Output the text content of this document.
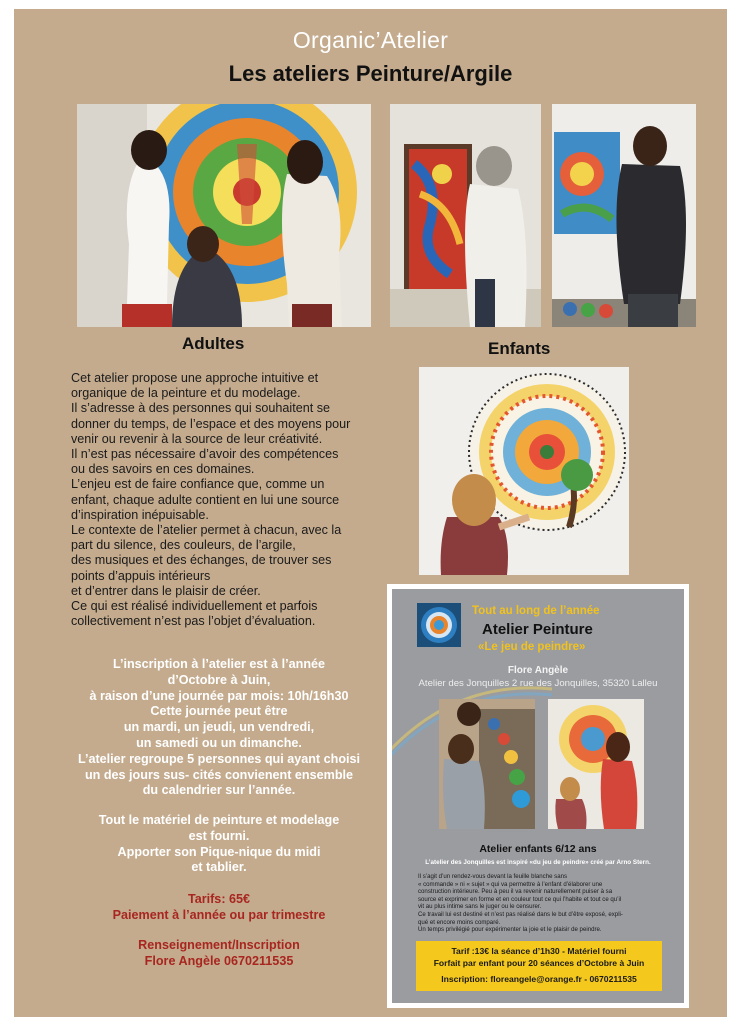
Organic’Atelier
Les ateliers Peinture/Argile
Adultes	Enfants

Cet atelier propose une approche intuitive et

organique de la peinture et du modelage.

Il s’adresse à des personnes qui souhaitent se

donner du temps, de l’espace et des moyens pour

venir ou revenir à la source de leur créativité.

Il n’est pas nécessaire d’avoir des compétences

ou des savoirs en ces domaines.

L’enjeu est de faire confiance que, comme un

enfant, chaque adulte contient en lui une source

d’inspiration inépuisable.

Le contexte de l’atelier permet à chacun, avec la

part du silence, des couleurs, de l’argile,

des musiques et des échanges, de trouver ses

points d’appuis intérieurs

et d’entrer dans le plaisir de créer.

Ce qui est réalisé individuellement et parfois

collectivement n’est pas l’objet d’évaluation.

L’inscription à l’atelier est à l’année
d’Octobre à Juin,
à raison d’une journée par mois: 10h/16h30
Cette journée peut être
un mardi, un jeudi, un vendredi,
un samedi ou un dimanche.
L’atelier regroupe 5 personnes qui ayant choisi
un des jours sus- cités convienent ensemble
du calendrier sur l’année.
Tout le matériel de peinture et modelage
est fourni.
Apporter son Pique-nique du midi
et tablier.
Tarifs: 65€
Paiement à l’année ou par trimestre
Renseignement/Inscription
Flore Angèle 0670211535
Tout au long de l’année
Atelier Peinture
«Le jeu de peindre»
Flore Angèle
Atelier des Jonquilles 2 rue des Jonquilles, 35320 Lalleu
Atelier enfants 6/12 ans
L’atelier des Jonquilles est inspiré «du jeu de peindre» créé par Arno Stern.

Il s’agit d’un rendez-vous devant la feuille blanche sans

« commande » ni « sujet » qui va permettre à l’enfant d’élaborer une

construction intérieure. Peu à peu il va revenir naturellement puiser à sa

source et exprimer en forme et en couleur tout ce qui l’habite et tout ce qu’il

vit au plus intime sans le juger ou le censurer.

Ce travail lui est destiné et n’est pas réalisé dans le but d’être exposé, expli-

qué et encore moins comparé.

Un temps privilégié pour expérimenter la joie et le plaisir de peindre.

Tarif :13€ la séance d’1h30 - Matériel fourni
Forfait par enfant pour 20 séances d’Octobre à Juin
Inscription: floreangele@orange.fr - 0670211535
